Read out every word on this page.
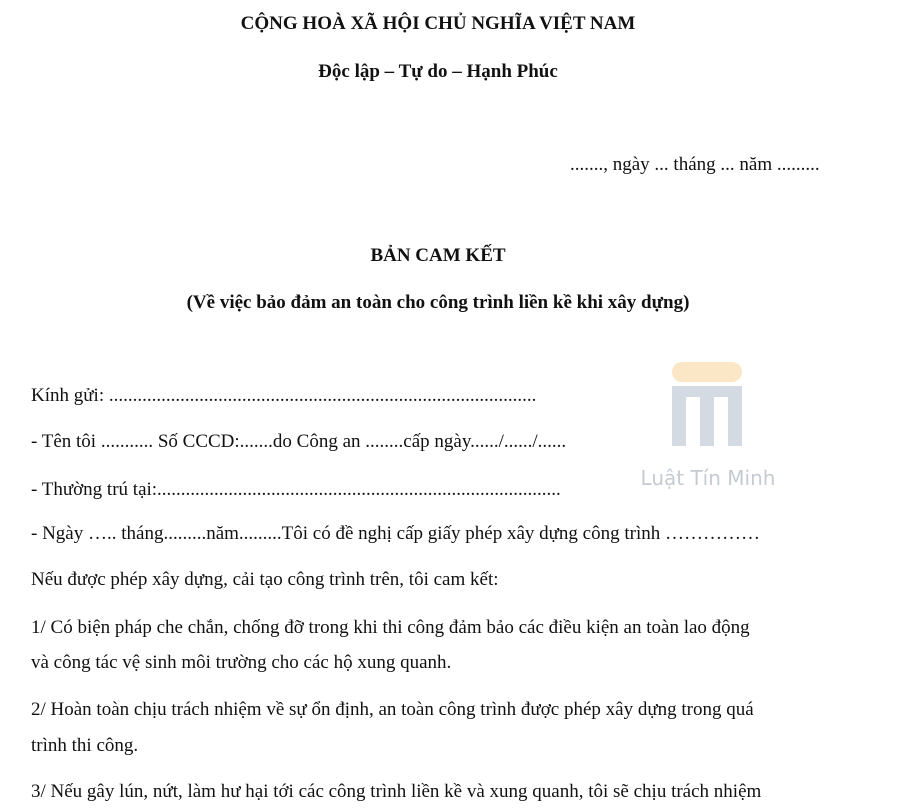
CỘNG HOÀ XÃ HỘI CHỦ NGHĨA VIỆT NAM
Độc lập – Tự do – Hạnh Phúc
......., ngày ... tháng ... năm .........
BẢN CAM KẾT
(Về việc bảo đảm an toàn cho công trình liền kề khi xây dựng)
Kính gửi: ..........................................................................................
- Tên tôi ........... Số CCCD:.......do Công an ........cấp ngày....../....../......
- Thường trú tại:.....................................................................................
- Ngày ….. tháng.........năm.........Tôi có đề nghị cấp giấy phép xây dựng công trình ……………
Nếu được phép xây dựng, cải tạo công trình trên, tôi cam kết:
1/ Có biện pháp che chắn, chống đỡ trong khi thi công đảm bảo các điều kiện an toàn lao động
và công tác vệ sinh môi trường cho các hộ xung quanh.
2/ Hoàn toàn chịu trách nhiệm về sự ổn định, an toàn công trình được phép xây dựng trong quá
trình thi công.
3/ Nếu gây lún, nứt, làm hư hại tới các công trình liền kề và xung quanh, tôi sẽ chịu trách nhiệm
Luật Tín Minh
